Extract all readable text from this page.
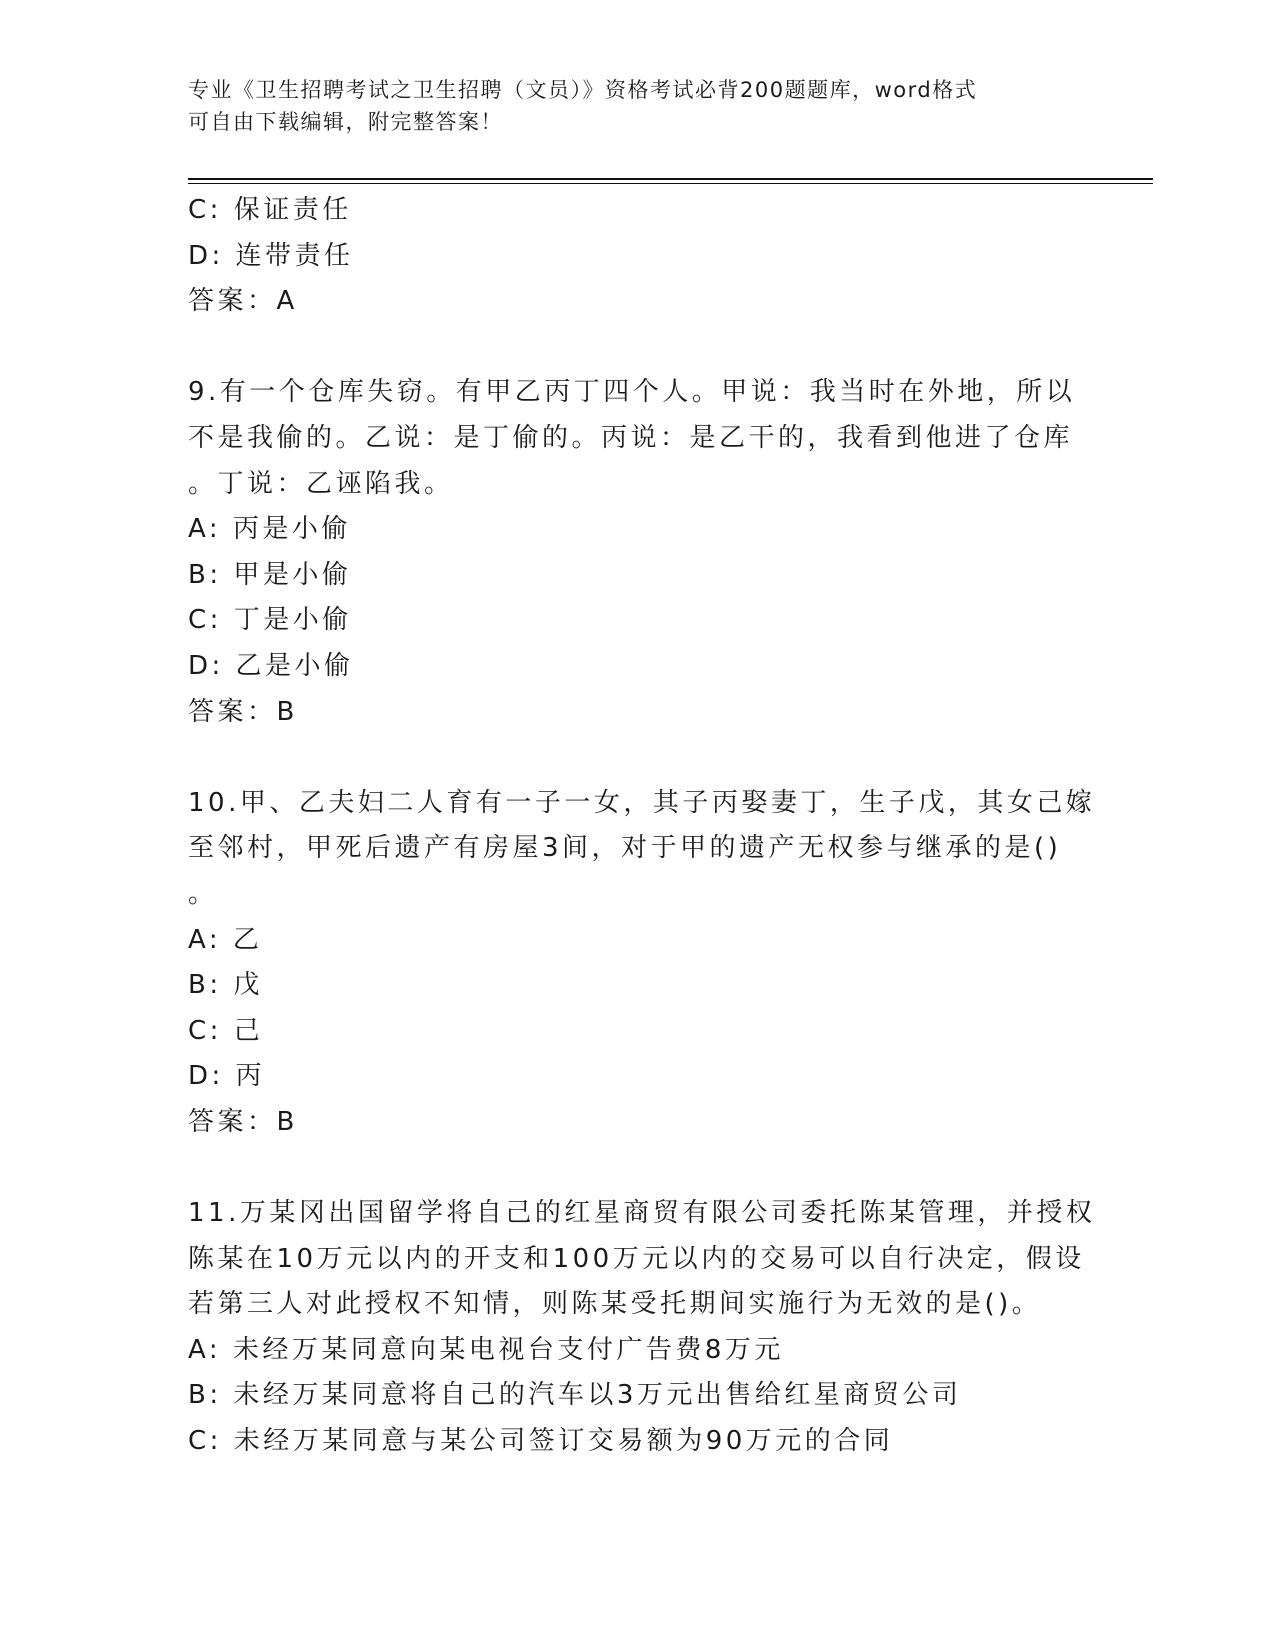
专业《卫生招聘考试之卫生招聘（文员）》资格考试必背200题题库，word格式
可自由下载编辑，附完整答案！
C: 保证责任
D: 连带责任
答案：A
9.有一个仓库失窃。有甲乙丙丁四个人。甲说：我当时在外地，所以
不是我偷的。乙说：是丁偷的。丙说：是乙干的，我看到他进了仓库
。丁说：乙诬陷我。
A: 丙是小偷
B: 甲是小偷
C: 丁是小偷
D: 乙是小偷
答案：B
10.甲、乙夫妇二人育有一子一女，其子丙娶妻丁，生子戊，其女己嫁
至邻村，甲死后遗产有房屋3间，对于甲的遗产无权参与继承的是()
。
A: 乙
B: 戊
C: 己
D: 丙
答案：B
11.万某冈出国留学将自己的红星商贸有限公司委托陈某管理，并授权
陈某在10万元以内的开支和100万元以内的交易可以自行决定，假设
若第三人对此授权不知情，则陈某受托期间实施行为无效的是()。
A: 未经万某同意向某电视台支付广告费8万元
B: 未经万某同意将自己的汽车以3万元出售给红星商贸公司
C: 未经万某同意与某公司签订交易额为90万元的合同
